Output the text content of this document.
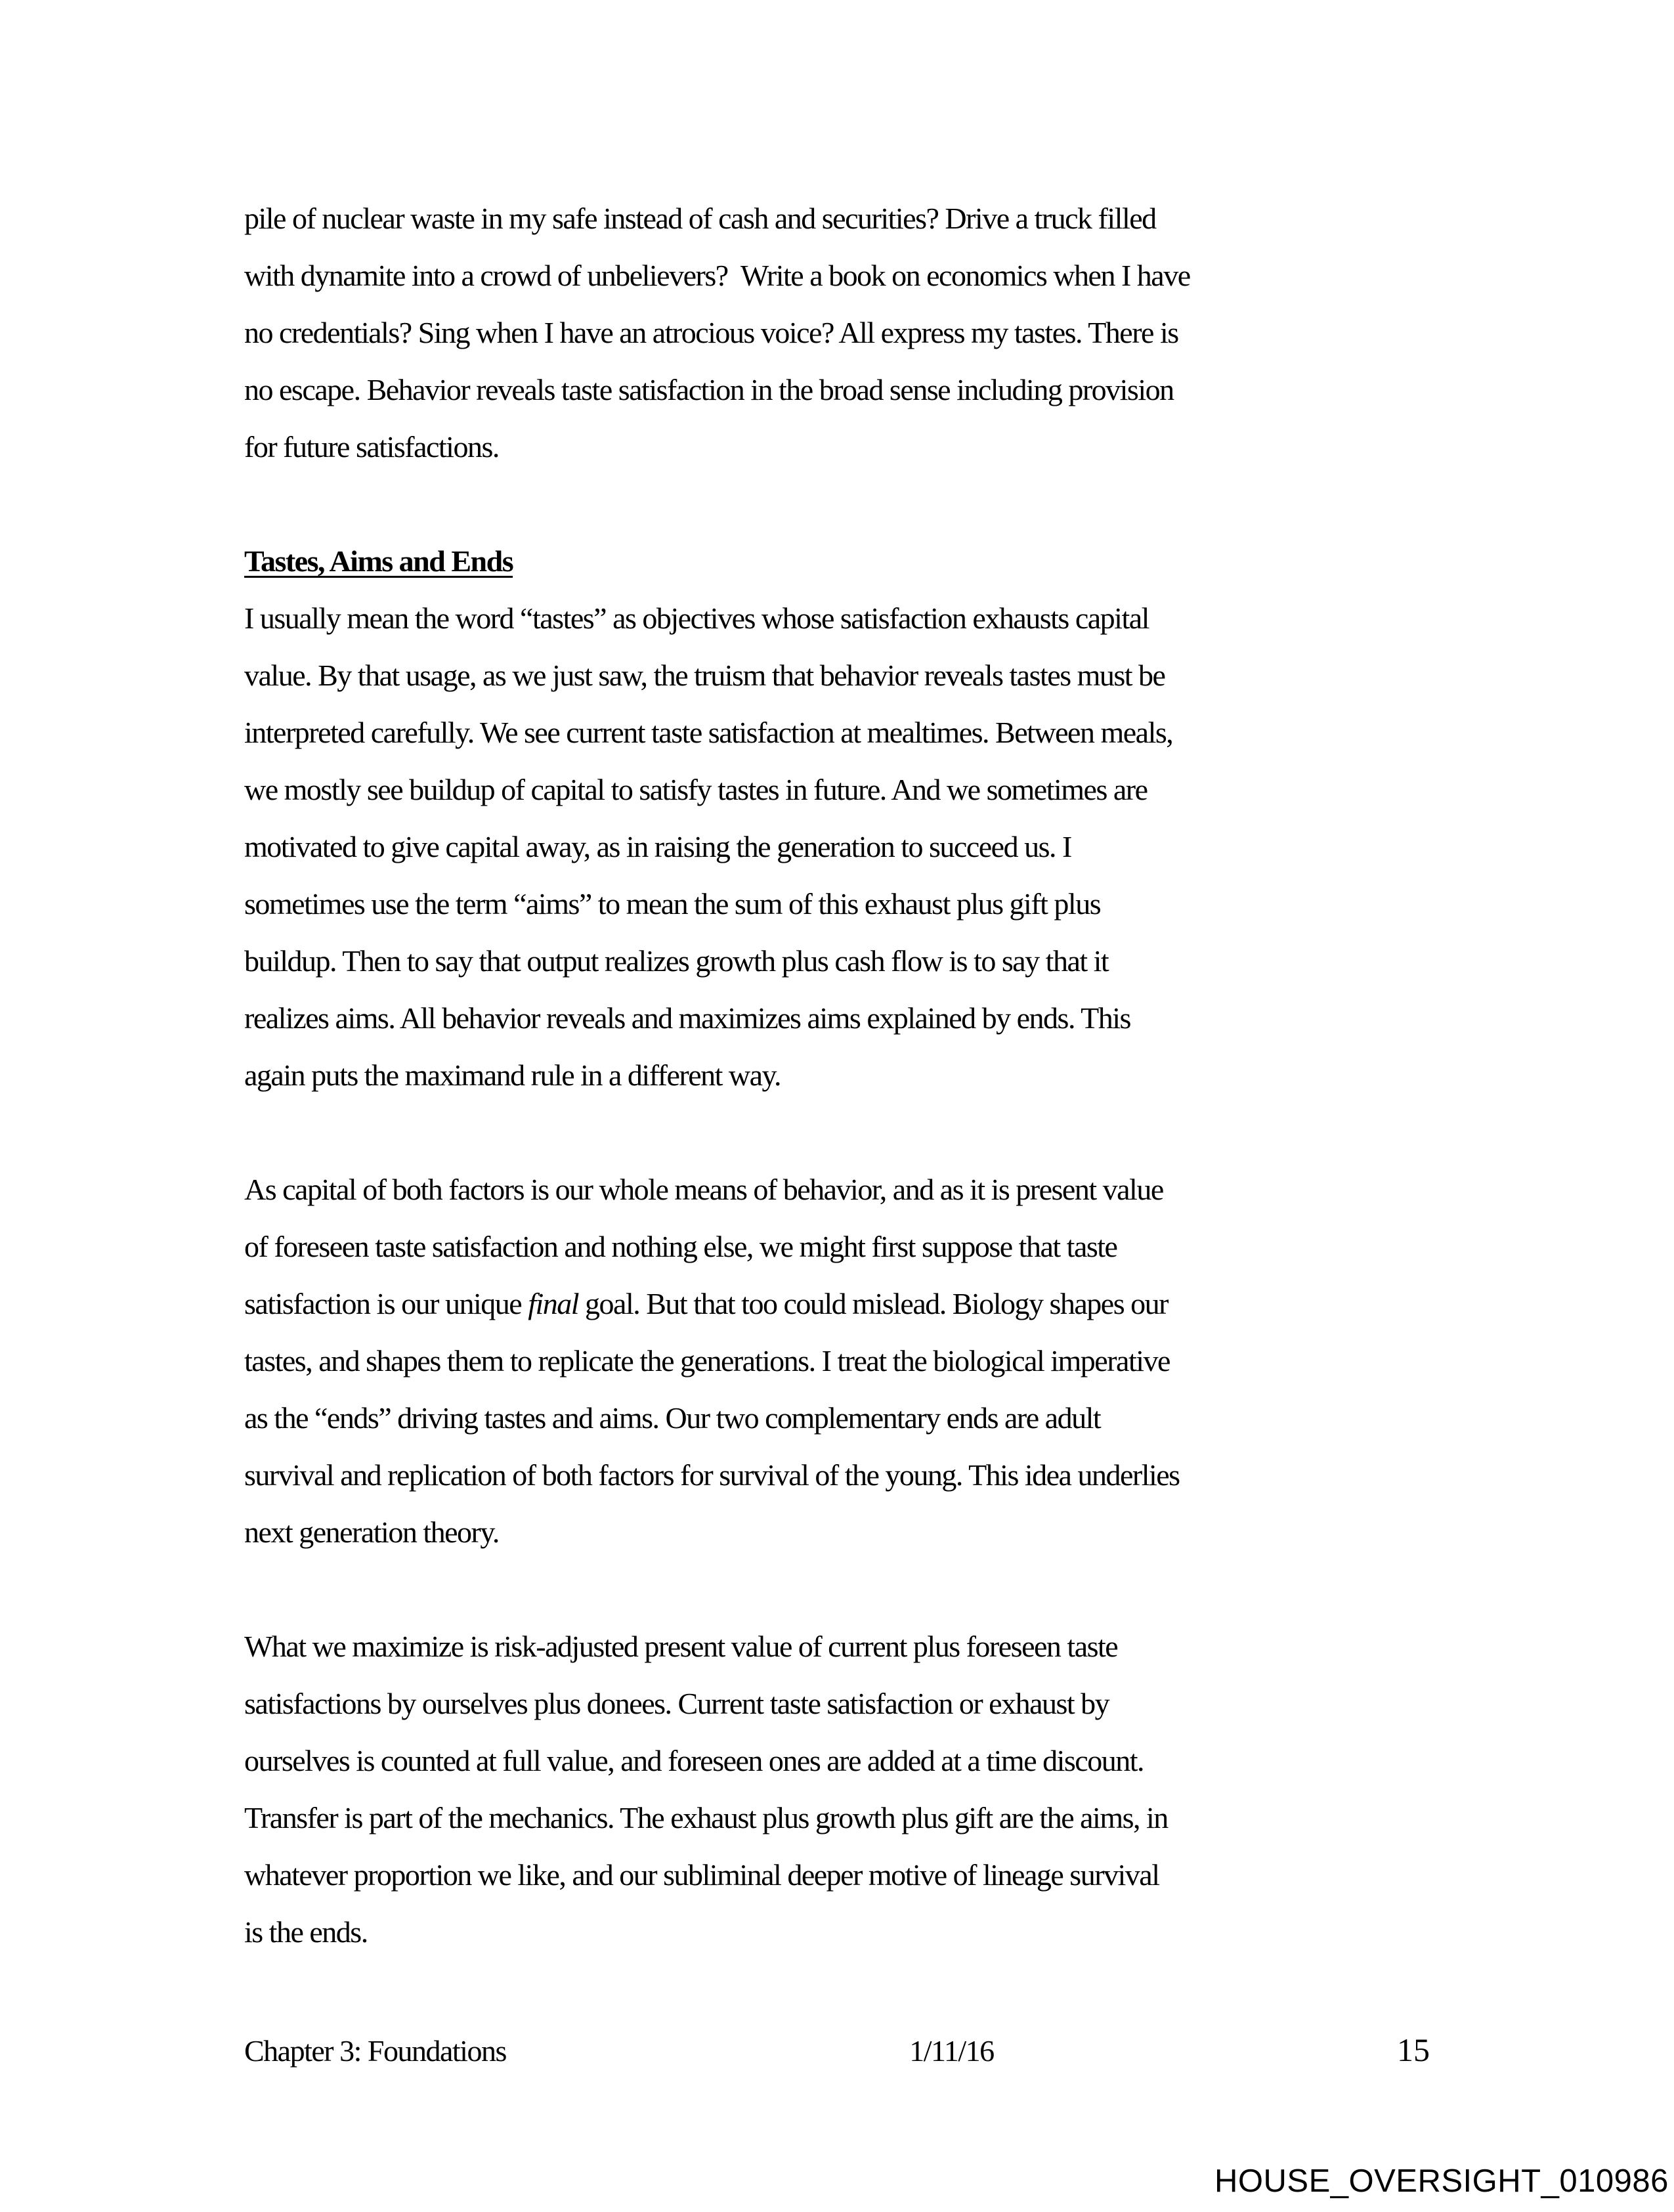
pile of nuclear waste in my safe instead of cash and securities? Drive a truck filled
with dynamite into a crowd of unbelievers?  Write a book on economics when I have
no credentials? Sing when I have an atrocious voice? All express my tastes. There is
no escape. Behavior reveals taste satisfaction in the broad sense including provision
for future satisfactions.
Tastes, Aims and Ends
I usually mean the word “tastes” as objectives whose satisfaction exhausts capital
value. By that usage, as we just saw, the truism that behavior reveals tastes must be
interpreted carefully. We see current taste satisfaction at mealtimes. Between meals,
we mostly see buildup of capital to satisfy tastes in future. And we sometimes are
motivated to give capital away, as in raising the generation to succeed us. I
sometimes use the term “aims” to mean the sum of this exhaust plus gift plus
buildup. Then to say that output realizes growth plus cash flow is to say that it
realizes aims. All behavior reveals and maximizes aims explained by ends. This
again puts the maximand rule in a different way.
As capital of both factors is our whole means of behavior, and as it is present value
of foreseen taste satisfaction and nothing else, we might first suppose that taste
satisfaction is our unique final goal. But that too could mislead. Biology shapes our
tastes, and shapes them to replicate the generations. I treat the biological imperative
as the “ends” driving tastes and aims. Our two complementary ends are adult
survival and replication of both factors for survival of the young. This idea underlies
next generation theory.
What we maximize is risk-adjusted present value of current plus foreseen taste
satisfactions by ourselves plus donees. Current taste satisfaction or exhaust by
ourselves is counted at full value, and foreseen ones are added at a time discount.
Transfer is part of the mechanics. The exhaust plus growth plus gift are the aims, in
whatever proportion we like, and our subliminal deeper motive of lineage survival
is the ends.
Chapter 3: Foundations	1/11/16	15
HOUSE_OVERSIGHT_010986
